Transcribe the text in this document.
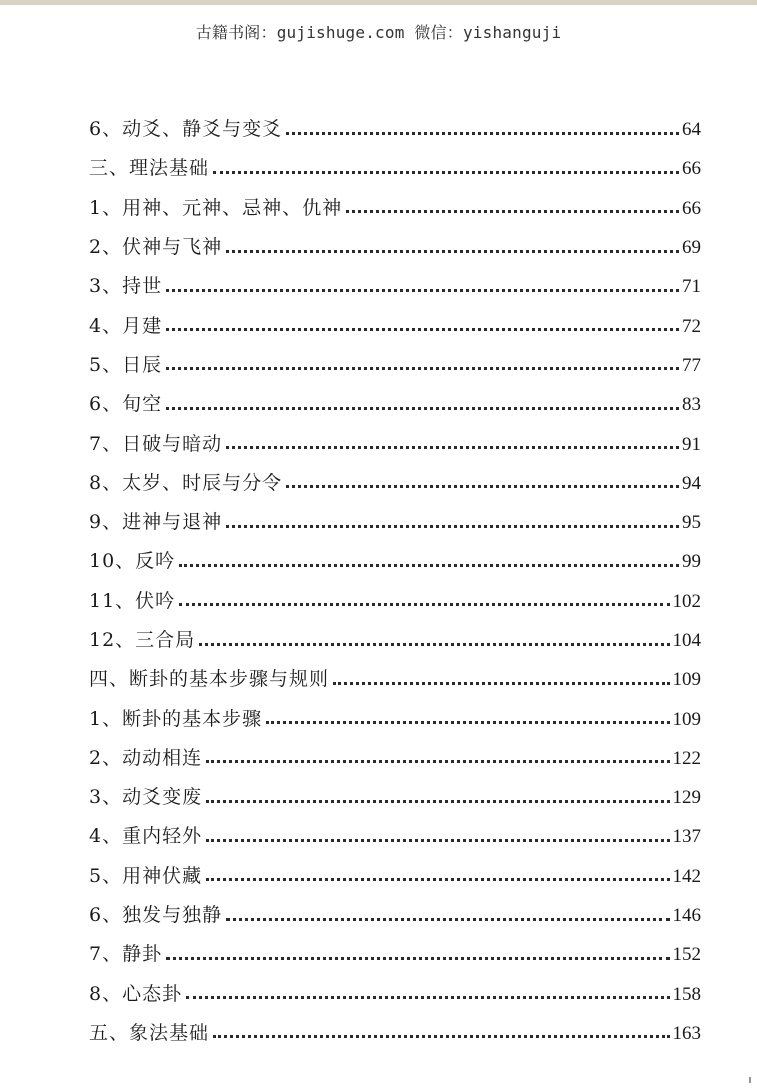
古籍书阁：gujishuge.com 微信：yishanguji
6、动爻、静爻与变爻	64
三、理法基础	66
1、用神、元神、忌神、仇神	66
2、伏神与飞神	69
3、持世	71
4、月建	72
5、日辰	77
6、旬空	83
7、日破与暗动	91
8、太岁、时辰与分令	94
9、进神与退神	95
10、反吟	99
11、伏吟	102
12、三合局	104
四、断卦的基本步骤与规则	109
1、断卦的基本步骤	109
2、动动相连	122
3、动爻变废	129
4、重内轻外	137
5、用神伏藏	142
6、独发与独静	146
7、静卦	152
8、心态卦	158
五、象法基础	163
